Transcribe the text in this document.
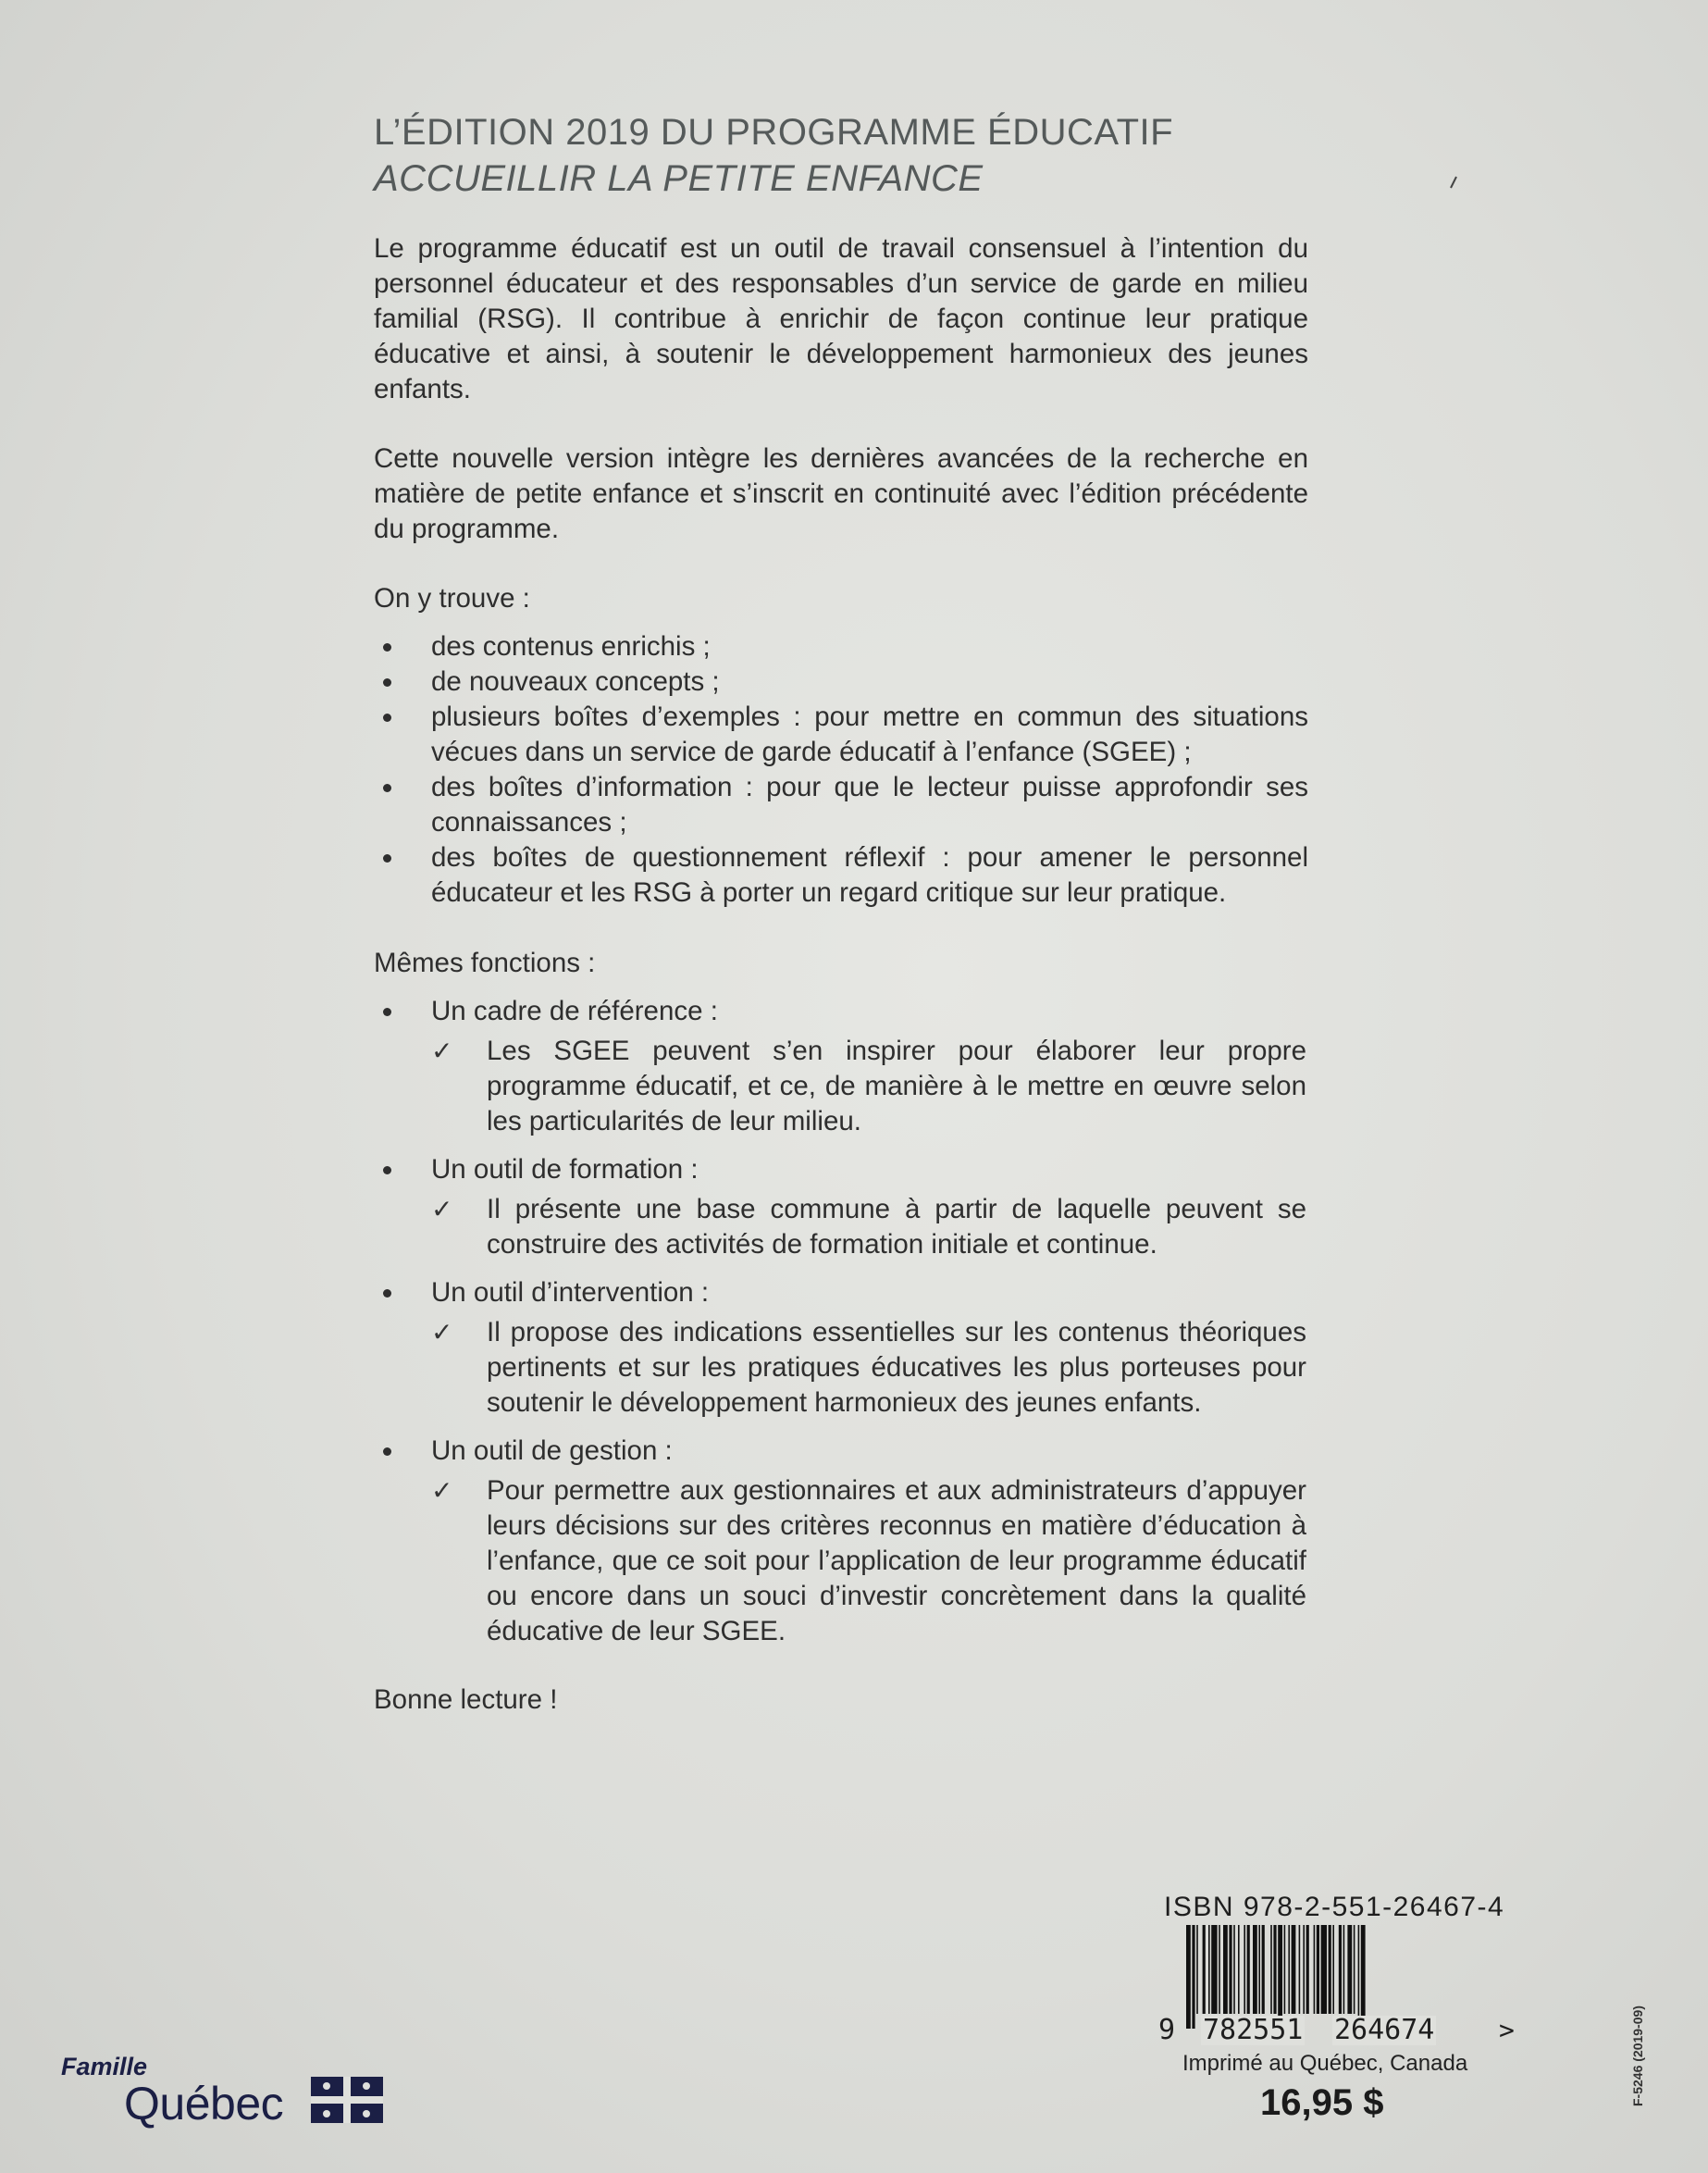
L’ÉDITION 2019 DU PROGRAMME ÉDUCATIF
ACCUEILLIR LA PETITE ENFANCE

Le programme éducatif est un outil de travail consensuel à l’intention du personnel éducateur et des responsables d’un service de garde en milieu familial (RSG). Il contribue à enrichir de façon continue leur pratique éducative et ainsi, à soutenir le développement harmonieux des jeunes enfants.

Cette nouvelle version intègre les dernières avancées de la recherche en matière de petite enfance et s’inscrit en continuité avec l’édition précédente du programme.

On y trouve :

des contenus enrichis ;
de nouveaux concepts ;
plusieurs boîtes d’exemples : pour mettre en commun des situations vécues dans un service de garde éducatif à l’enfance (SGEE) ;
des boîtes d’information : pour que le lecteur puisse approfondir ses connaissances ;
des boîtes de questionnement réflexif : pour amener le personnel éducateur et les RSG à porter un regard critique sur leur pratique.

Mêmes fonctions :

Un cadre de référence :
✓ Les SGEE peuvent s’en inspirer pour élaborer leur propre programme éducatif, et ce, de manière à le mettre en œuvre selon les particularités de leur milieu.
Un outil de formation :
✓ Il présente une base commune à partir de laquelle peuvent se construire des activités de formation initiale et continue.
Un outil d’intervention :
✓ Il propose des indications essentielles sur les contenus théoriques pertinents et sur les pratiques éducatives les plus porteuses pour soutenir le développement harmonieux des jeunes enfants.
Un outil de gestion :
✓ Pour permettre aux gestionnaires et aux administrateurs d’appuyer leurs décisions sur des critères reconnus en matière d’éducation à l’enfance, que ce soit pour l’application de leur programme éducatif ou encore dans un souci d’investir concrètement dans la qualité éducative de leur SGEE.

Bonne lecture !

ISBN 978-2-551-26467-4
9 782551 264674 >
Imprimé au Québec, Canada
16,95 $	F-5246 (2019-09)
Famille
Québec
